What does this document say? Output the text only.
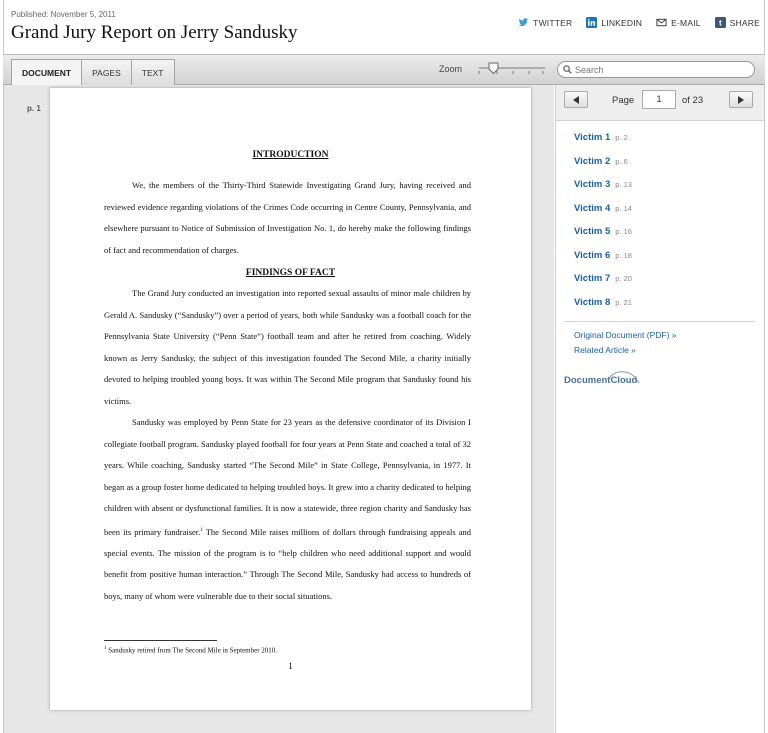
Published: November 5, 2011
Grand Jury Report on Jerry Sandusky	TWITTER	LINKEDIN	E-MAIL t SHARE
DOCUMENT	PAGES	TEXT	Zoom
Search
p. 1
INTRODUCTION

We, the members of the Thirty-Third Statewide Investigating Grand Jury, having received and reviewed evidence regarding violations of the Crimes Code occurring in Centre County, Pennsylvania, and elsewhere pursuant to Notice of Submission of Investigation No. 1, do hereby make the following findings of fact and recommendation of charges.

FINDINGS OF FACT

The Grand Jury conducted an investigation into reported sexual assaults of minor male children by Gerald A. Sandusky (“Sandusky”) over a period of years, both while Sandusky was a football coach for the Pennsylvania State University (“Penn State”) football team and after he retired from coaching. Widely known as Jerry Sandusky, the subject of this investigation founded The Second Mile, a charity initially devoted to helping troubled young boys. It was within The Second Mile program that Sandusky found his victims.

Sandusky was employed by Penn State for 23 years as the defensive coordinator of its Division I collegiate football program. Sandusky played football for four years at Penn State and coached a total of 32 years. While coaching, Sandusky started “The Second Mile” in State College, Pennsylvania, in 1977. It began as a group foster home dedicated to helping troubled boys. It grew into a charity dedicated to helping children with absent or dysfunctional families. It is now a statewide, three region charity and Sandusky has been its primary fundraiser.$^1$ The Second Mile raises millions of dollars through fundraising appeals and special events. The mission of the program is to “help children who need additional support and would benefit from positive human interaction.” Through The Second Mile, Sandusky had access to hundreds of boys, many of whom were vulnerable due to their social situations.

$^1$ Sandusky retired from The Second Mile in September 2010.
1
Page
1	of 23
Victim 1 p. 2
Victim 2 p. 6
Victim 3 p. 13
Victim 4 p. 14
Victim 5 p. 16
Victim 6 p. 18
Victim 7 p. 20
Victim 8 p. 21
Original Document (PDF) »
Related Article »
DocumentCloud
